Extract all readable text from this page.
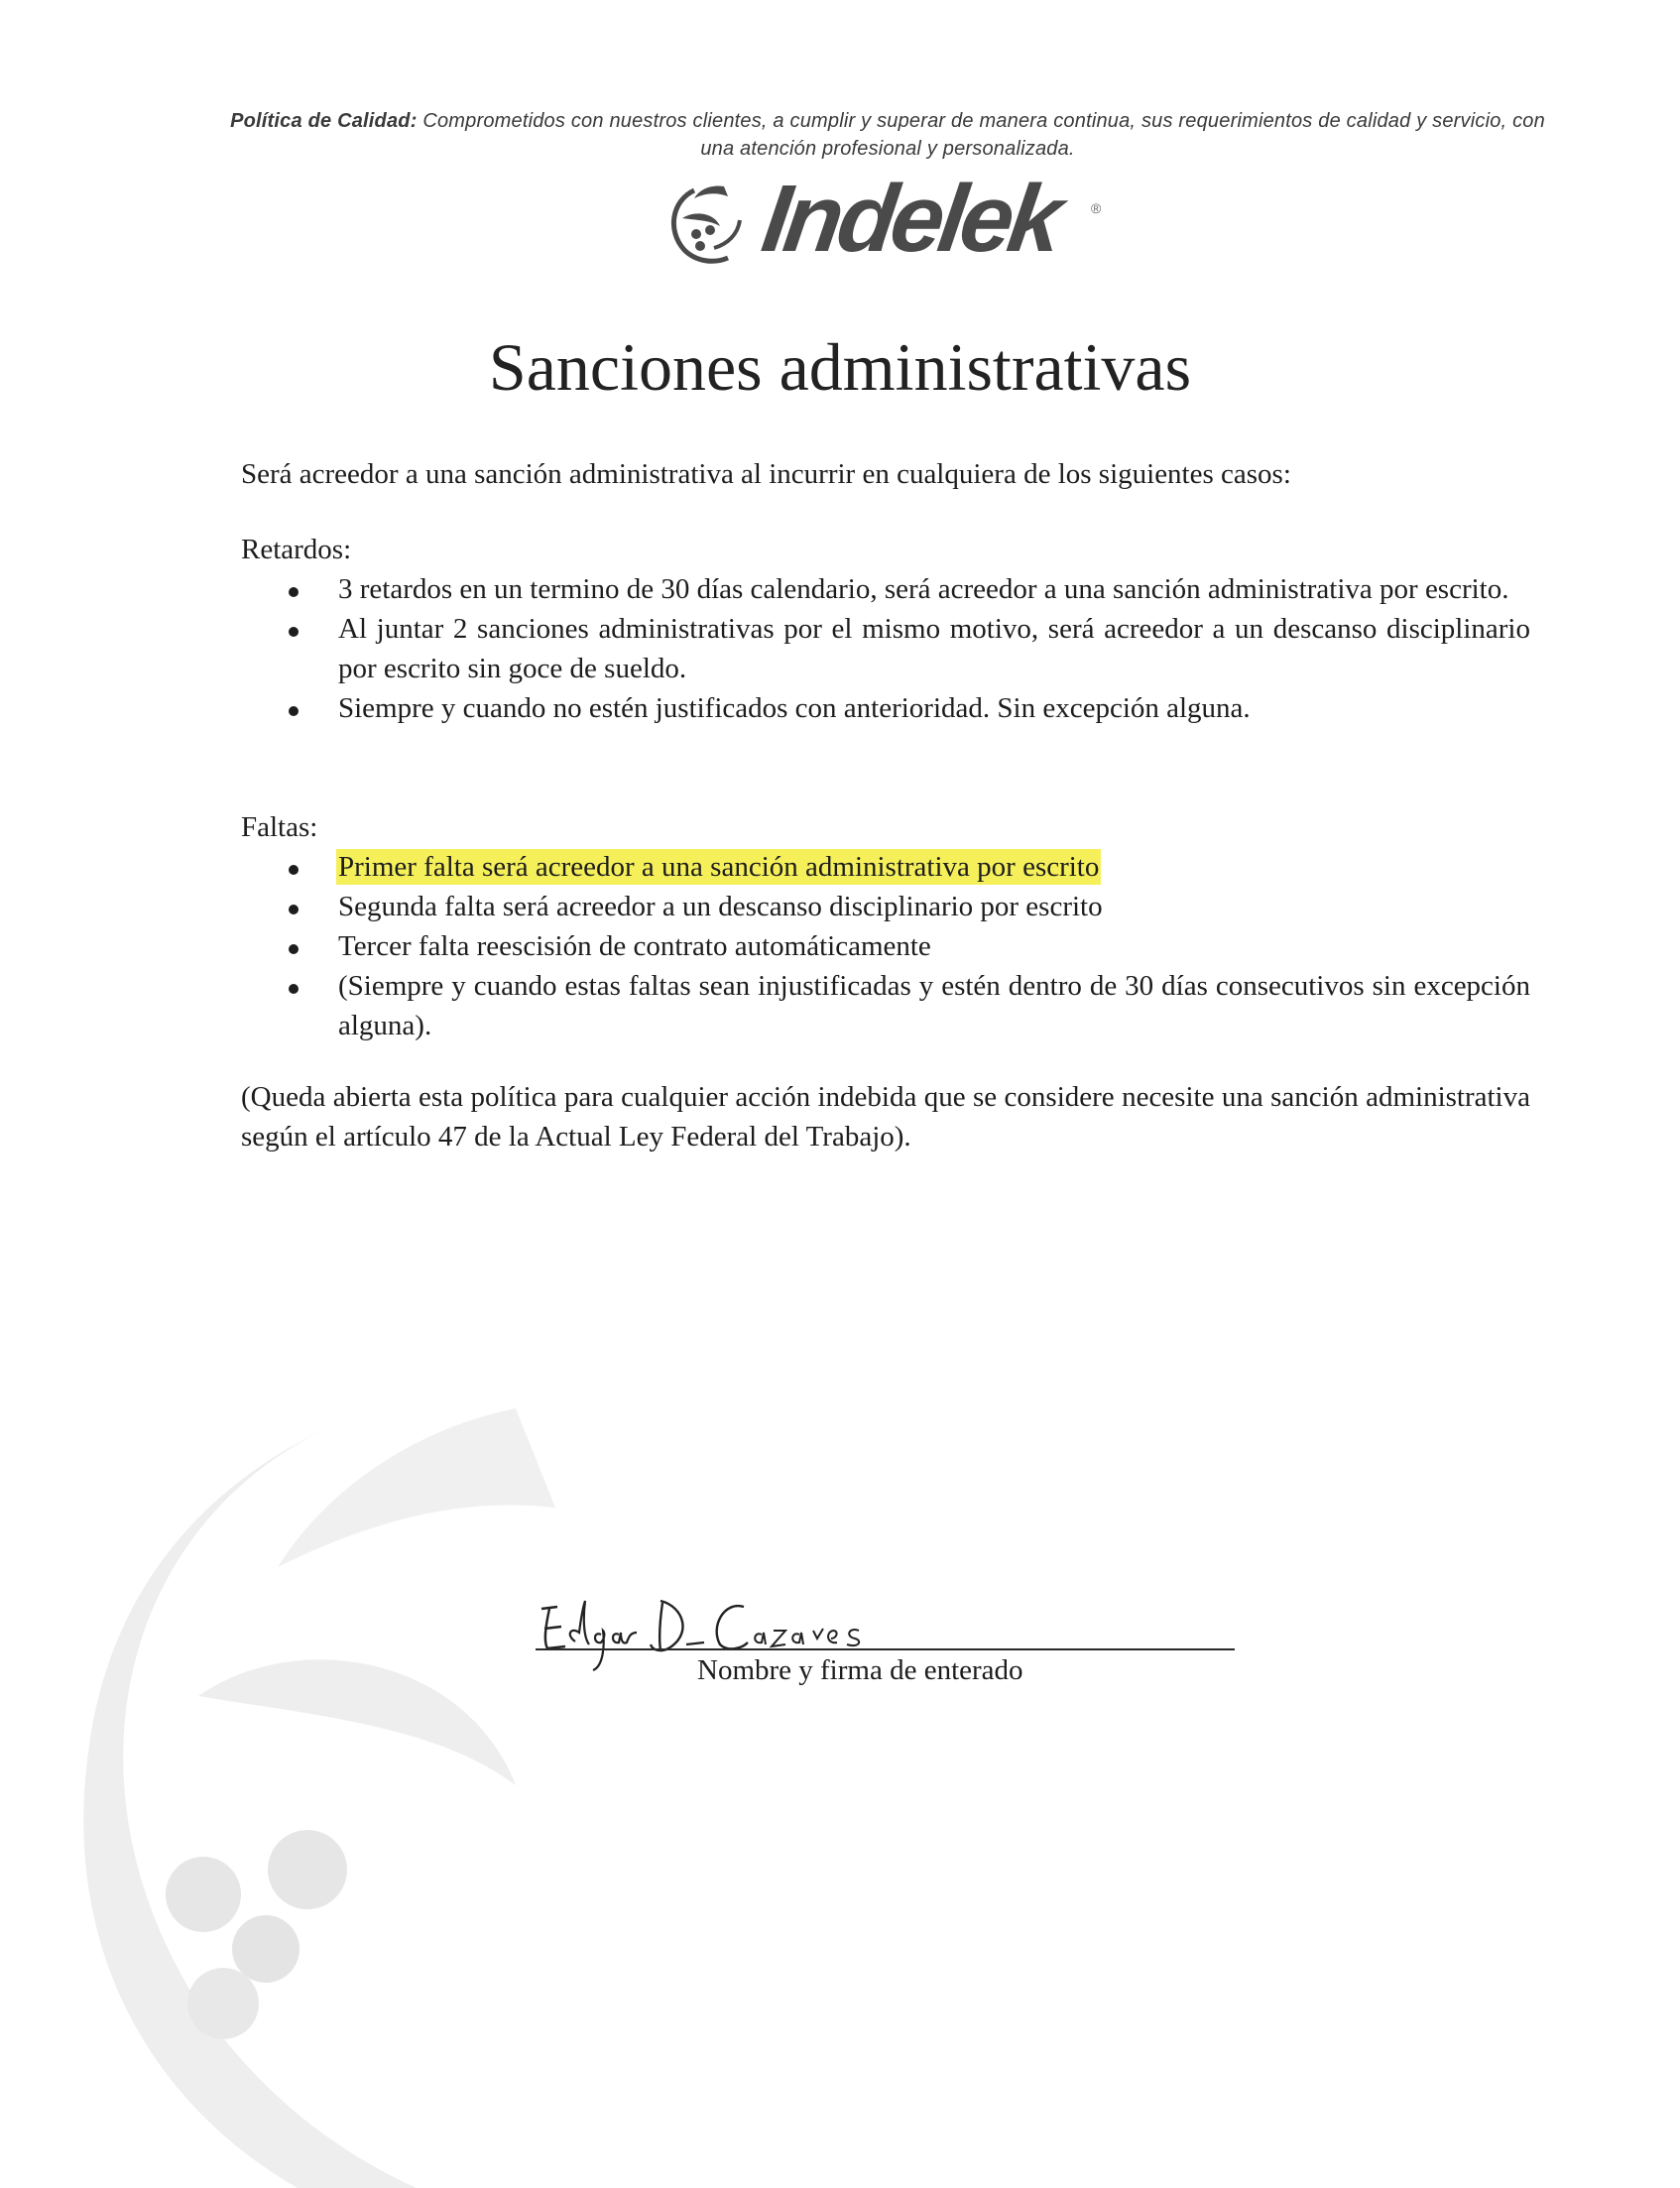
Política de Calidad: Comprometidos con nuestros clientes, a cumplir y superar de manera continua, sus requerimientos de calidad y servicio, con una atención profesional y personalizada.
Indelek ®
Sanciones administrativas

Será acreedor a una sanción administrativa al incurrir en cualquiera de los siguientes casos:

Retardos:

3 retardos en un termino de 30 días calendario, será acreedor a una sanción administrativa por escrito.
Al juntar 2 sanciones administrativas por el mismo motivo, será acreedor a un descanso disciplinario por escrito sin goce de sueldo.
Siempre y cuando no estén justificados con anterioridad. Sin excepción alguna.

Faltas:

Primer falta será acreedor a una sanción administrativa por escrito
Segunda falta será acreedor a un descanso disciplinario por escrito
Tercer falta reescisión de contrato automáticamente
(Siempre y cuando estas faltas sean injustificadas y estén dentro de 30 días consecutivos sin excepción alguna).

(Queda abierta esta política para cualquier acción indebida que se considere necesite una sanción administrativa según el artículo 47 de la Actual Ley Federal del Trabajo).

Nombre y firma de enterado
